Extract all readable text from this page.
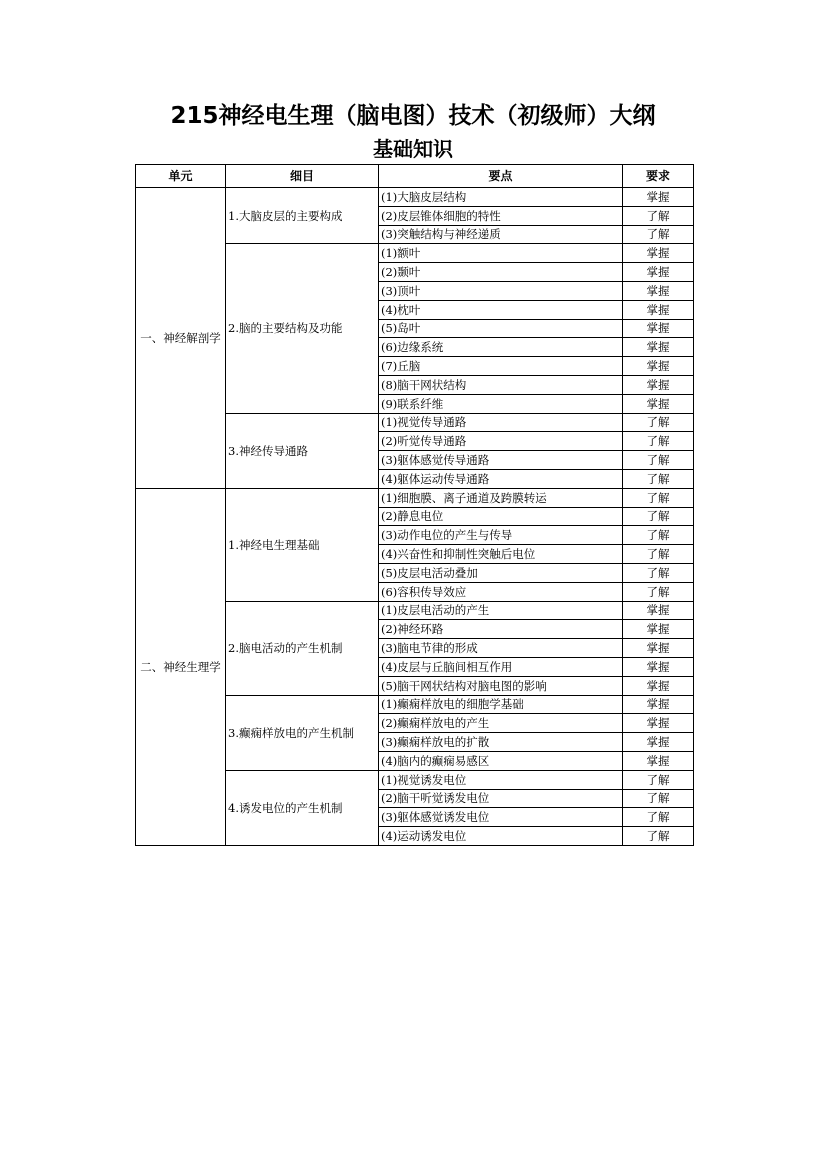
215神经电生理（脑电图）技术（初级师）大纲
基础知识
单元	细目	要点	要求
一、神经解剖学	1.大脑皮层的主要构成	(1)大脑皮层结构	掌握
		(2)皮层锥体细胞的特性	了解
		(3)突触结构与神经递质	了解
	2.脑的主要结构及功能	(1)额叶	掌握
		(2)颞叶	掌握
		(3)顶叶	掌握
		(4)枕叶	掌握
		(5)岛叶	掌握
		(6)边缘系统	掌握
		(7)丘脑	掌握
		(8)脑干网状结构	掌握
		(9)联系纤维	掌握
	3.神经传导通路	(1)视觉传导通路	了解
		(2)听觉传导通路	了解
		(3)躯体感觉传导通路	了解
		(4)躯体运动传导通路	了解
二、神经生理学	1.神经电生理基础	(1)细胞膜、离子通道及跨膜转运	了解
		(2)静息电位	了解
		(3)动作电位的产生与传导	了解
		(4)兴奋性和抑制性突触后电位	了解
		(5)皮层电活动叠加	了解
		(6)容积传导效应	了解
	2.脑电活动的产生机制	(1)皮层电活动的产生	掌握
		(2)神经环路	掌握
		(3)脑电节律的形成	掌握
		(4)皮层与丘脑间相互作用	掌握
		(5)脑干网状结构对脑电图的影响	掌握
	3.癫痫样放电的产生机制	(1)癫痫样放电的细胞学基础	掌握
		(2)癫痫样放电的产生	掌握
		(3)癫痫样放电的扩散	掌握
		(4)脑内的癫痫易感区	掌握
	4.诱发电位的产生机制	(1)视觉诱发电位	了解
		(2)脑干听觉诱发电位	了解
		(3)躯体感觉诱发电位	了解
		(4)运动诱发电位	了解
